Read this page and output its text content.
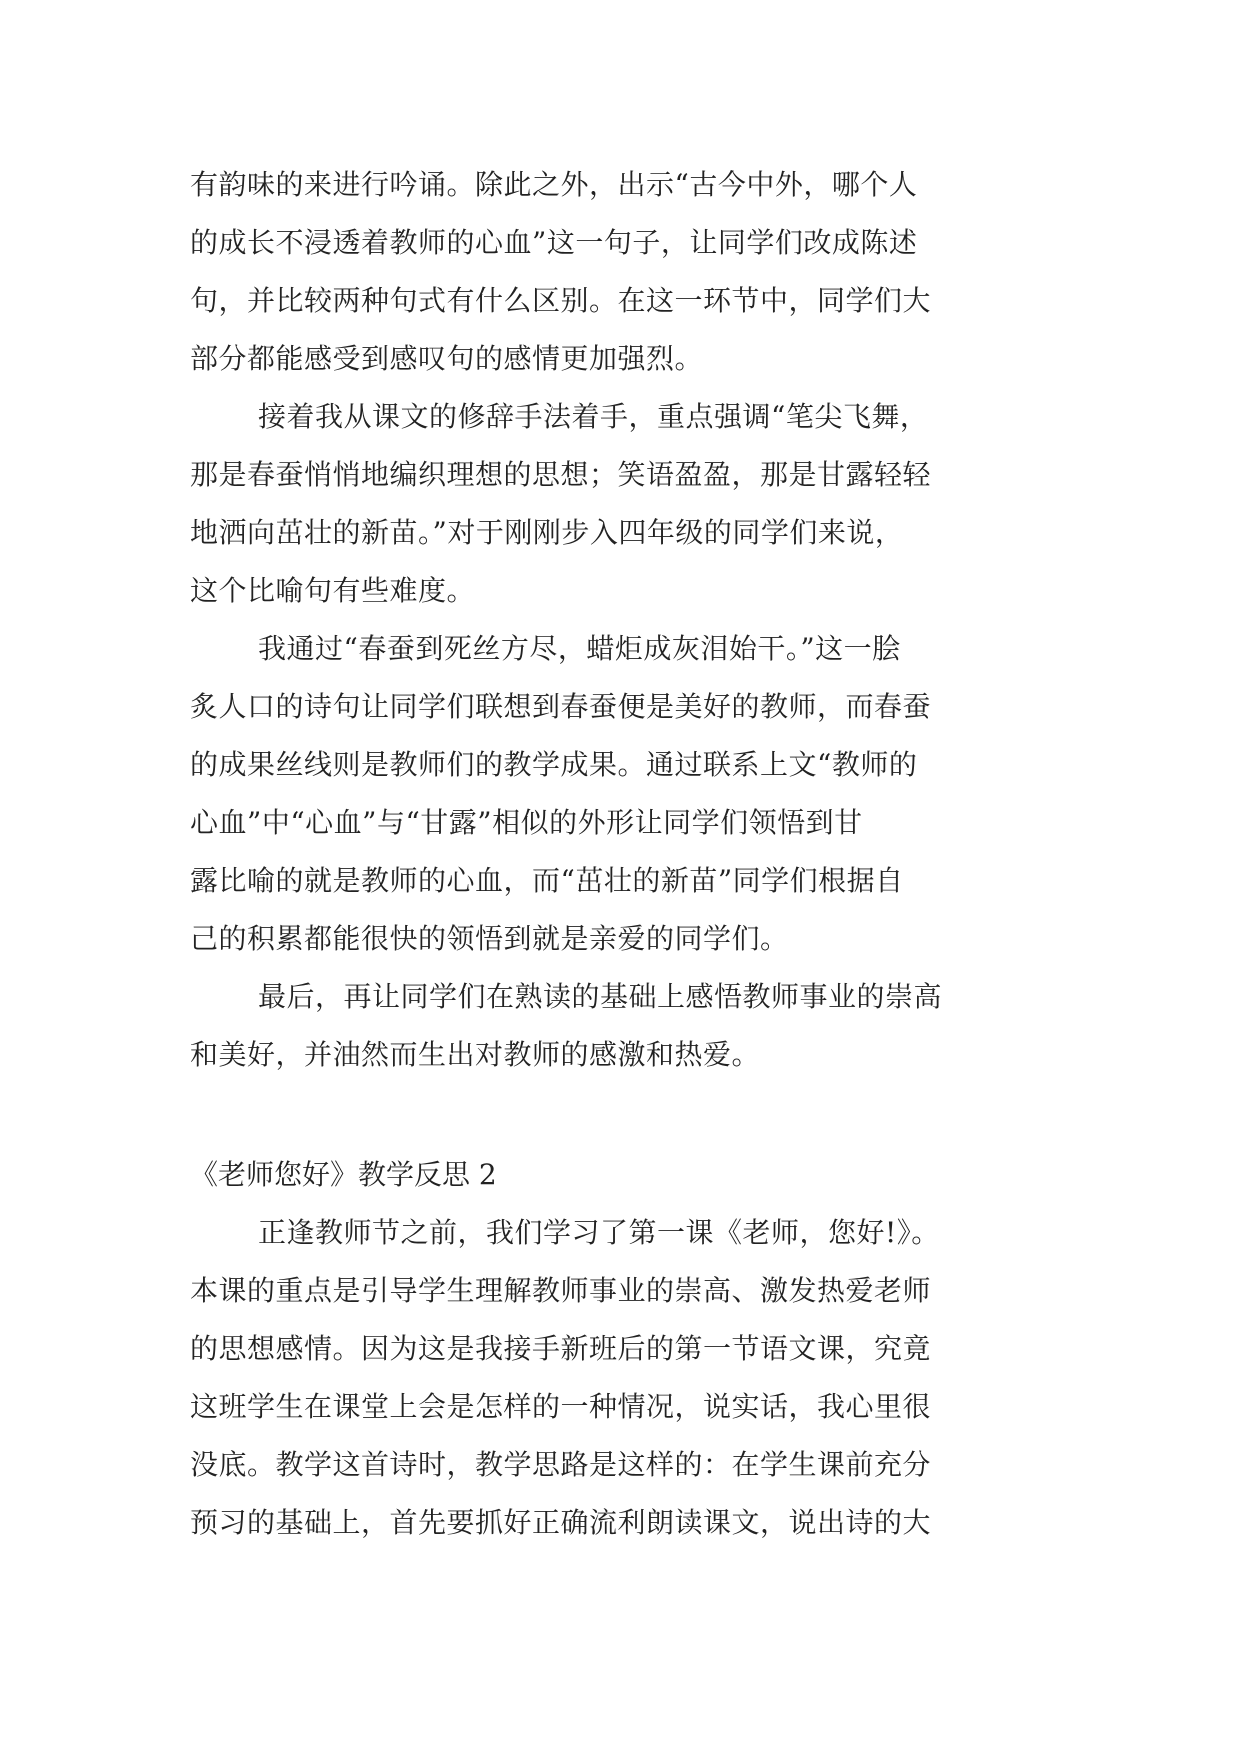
有韵味的来进行吟诵。除此之外，出示“古今中外，哪个人
的成长不浸透着教师的心血”这一句子，让同学们改成陈述
句，并比较两种句式有什么区别。在这一环节中，同学们大
部分都能感受到感叹句的感情更加强烈。
接着我从课文的修辞手法着手，重点强调“笔尖飞舞，
那是春蚕悄悄地编织理想的思想；笑语盈盈，那是甘露轻轻
地洒向茁壮的新苗。”对于刚刚步入四年级的同学们来说，
这个比喻句有些难度。
我通过“春蚕到死丝方尽，蜡炬成灰泪始干。”这一脍
炙人口的诗句让同学们联想到春蚕便是美好的教师，而春蚕
的成果丝线则是教师们的教学成果。通过联系上文“教师的
心血”中“心血”与“甘露”相似的外形让同学们领悟到甘
露比喻的就是教师的心血，而“茁壮的新苗”同学们根据自
己的积累都能很快的领悟到就是亲爱的同学们。
最后，再让同学们在熟读的基础上感悟教师事业的崇高
和美好，并油然而生出对教师的感激和热爱。
《老师您好》教学反思 2
正逢教师节之前，我们学习了第一课《老师，您好!》。
本课的重点是引导学生理解教师事业的崇高、激发热爱老师
的思想感情。因为这是我接手新班后的第一节语文课，究竟
这班学生在课堂上会是怎样的一种情况，说实话，我心里很
没底。教学这首诗时，教学思路是这样的：在学生课前充分
预习的基础上，首先要抓好正确流利朗读课文，说出诗的大
